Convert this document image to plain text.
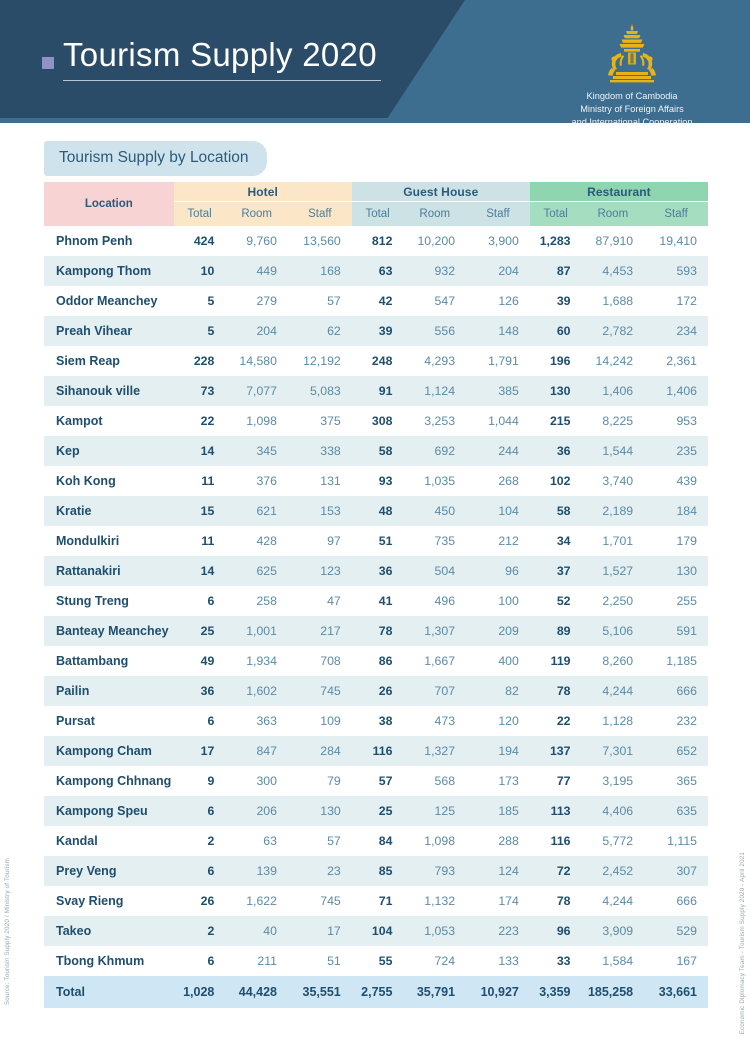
Tourism Supply 2020
Kingdom of Cambodia
Ministry of Foreign Affairs
and International Cooperation
Tourism Supply by Location
Location	Hotel			Guest House			Restaurant		
	Total	Room	Staff	Total	Room	Staff	Total	Room	Staff
Phnom Penh	424	9,760	13,560	812	10,200	3,900	1,283	87,910	19,410
Kampong Thom	10	449	168	63	932	204	87	4,453	593
Oddor Meanchey	5	279	57	42	547	126	39	1,688	172
Preah Vihear	5	204	62	39	556	148	60	2,782	234
Siem Reap	228	14,580	12,192	248	4,293	1,791	196	14,242	2,361
Sihanouk ville	73	7,077	5,083	91	1,124	385	130	1,406	1,406
Kampot	22	1,098	375	308	3,253	1,044	215	8,225	953
Kep	14	345	338	58	692	244	36	1,544	235
Koh Kong	11	376	131	93	1,035	268	102	3,740	439
Kratie	15	621	153	48	450	104	58	2,189	184
Mondulkiri	11	428	97	51	735	212	34	1,701	179
Rattanakiri	14	625	123	36	504	96	37	1,527	130
Stung Treng	6	258	47	41	496	100	52	2,250	255
Banteay Meanchey	25	1,001	217	78	1,307	209	89	5,106	591
Battambang	49	1,934	708	86	1,667	400	119	8,260	1,185
Pailin	36	1,602	745	26	707	82	78	4,244	666
Pursat	6	363	109	38	473	120	22	1,128	232
Kampong Cham	17	847	284	116	1,327	194	137	7,301	652
Kampong Chhnang	9	300	79	57	568	173	77	3,195	365
Kampong Speu	6	206	130	25	125	185	113	4,406	635
Kandal	2	63	57	84	1,098	288	116	5,772	1,115
Prey Veng	6	139	23	85	793	124	72	2,452	307
Svay Rieng	26	1,622	745	71	1,132	174	78	4,244	666
Takeo	2	40	17	104	1,053	223	96	3,909	529
Tbong Khmum	6	211	51	55	724	133	33	1,584	167
Total	1,028	44,428	35,551	2,755	35,791	10,927	3,359	185,258	33,661
Source: Tourism Supply 2020 / Ministry of Tourism	Economic Diplomacy Team - Tourism Supply 2020 - April 2021
